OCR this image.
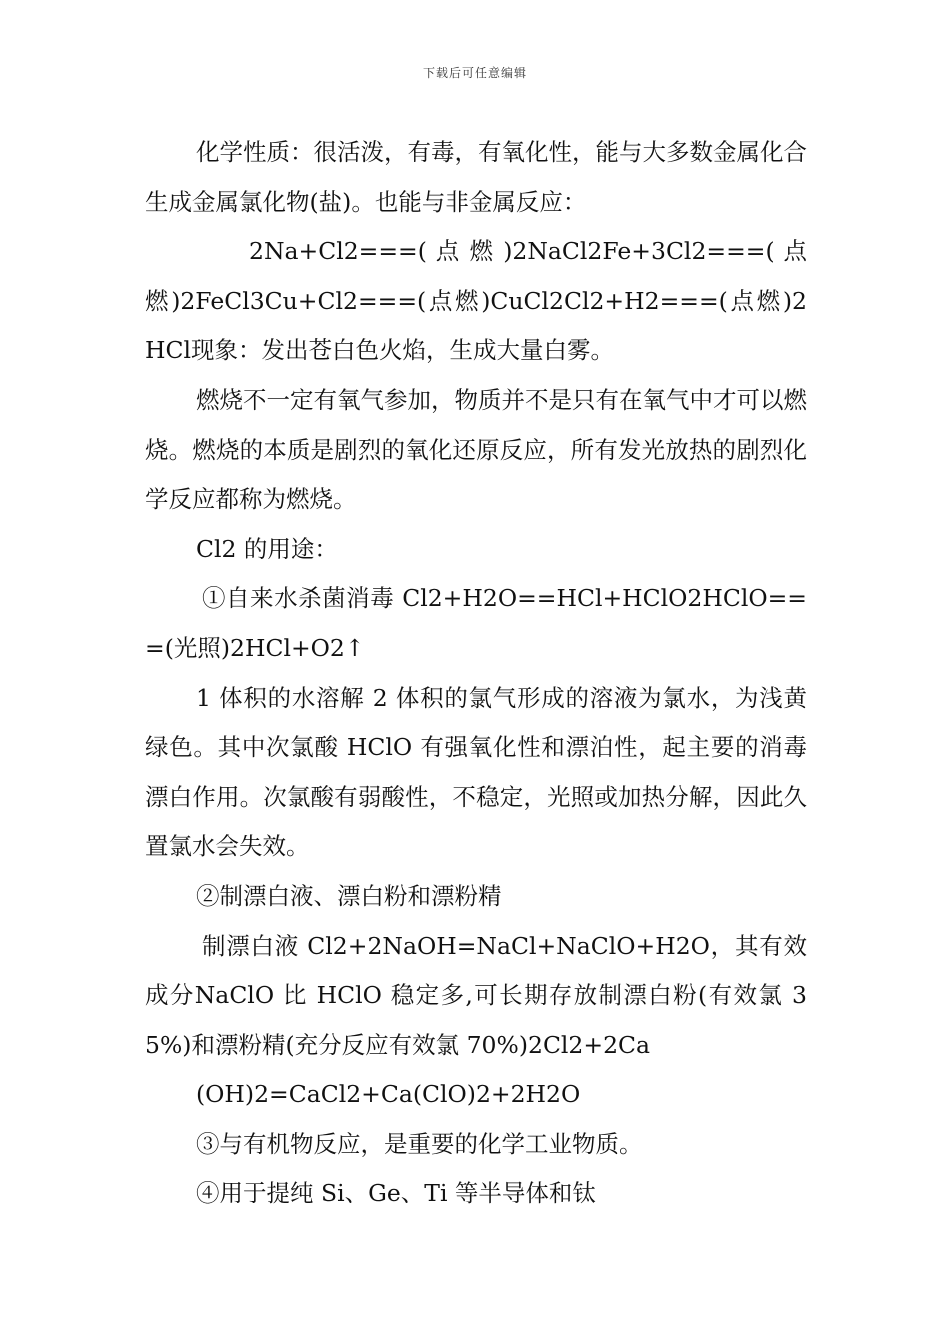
下载后可任意编辑

化学性质：很活泼，有毒，有氧化性，能与大多数金属化合生成金属氯化物(盐)。也能与非金属反应：

2Na+Cl2===( 点 燃 )2NaCl2Fe+3Cl2===( 点燃)2FeCl3Cu+Cl2===(点燃)CuCl2Cl2+H2===(点燃)2HCl现象：发出苍白色火焰，生成大量白雾。

燃烧不一定有氧气参加，物质并不是只有在氧气中才可以燃烧。燃烧的本质是剧烈的氧化还原反应，所有发光放热的剧烈化学反应都称为燃烧。

Cl2 的用途：

①自来水杀菌消毒 Cl2+H2O==HCl+HClO2HClO===(光照)2HCl+O2↑

1 体积的水溶解 2 体积的氯气形成的溶液为氯水，为浅黄绿色。其中次氯酸 HClO 有强氧化性和漂泊性，起主要的消毒漂白作用。次氯酸有弱酸性，不稳定，光照或加热分解，因此久置氯水会失效。

②制漂白液、漂白粉和漂粉精

制漂白液 Cl2+2NaOH=NaCl+NaClO+H2O，其有效成分NaClO 比 HClO 稳定多,可长期存放制漂白粉(有效氯 35%)和漂粉精(充分反应有效氯 70%)2Cl2+2Ca

(OH)2=CaCl2+Ca(ClO)2+2H2O

③与有机物反应，是重要的化学工业物质。

④用于提纯 Si、Ge、Ti 等半导体和钛
